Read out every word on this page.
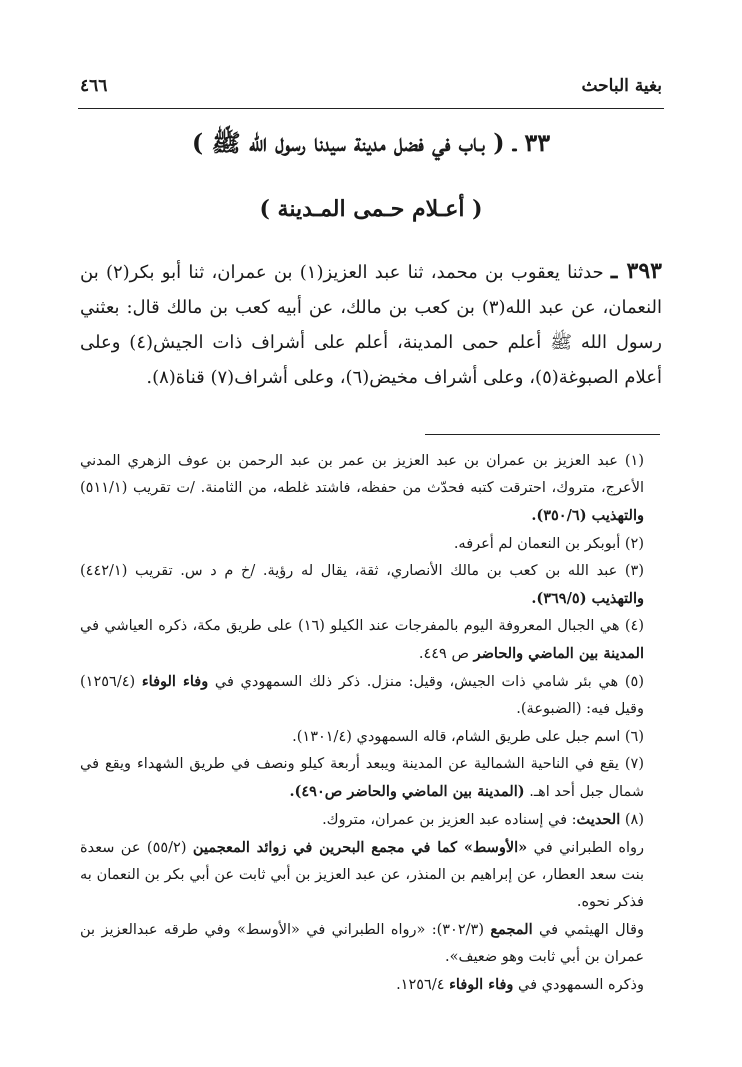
بغية الباحث
٤٦٦
٣٣ ـ ( بـاب في فضل مدينة سيدنا رسول الله ﷺ )
( أعـلام حـمى المـدينة )

٣٩٣ ـ حدثنا يعقوب بن محمد، ثنا عبد العزيز(١) بن عمران، ثنا أبو بكر(٢) بن النعمان، عن عبد الله(٣) بن كعب بن مالك، عن أبيه كعب بن مالك قال: بعثني رسول الله ﷺ أعلم حمى المدينة، أعلم على أشراف ذات الجيش(٤) وعلى أعلام الصبوغة(٥)، وعلى أشراف مخيض(٦)، وعلى أشراف(٧) قناة(٨).

(١) عبد العزيز بن عمران بن عبد العزيز بن عمر بن عبد الرحمن بن عوف الزهري المدني الأعرج، متروك، احترقت كتبه فحدّث من حفظه، فاشتد غلطه، من الثامنة. /ت تقريب (٥١١/١) والتهذيب (٣٥٠/٦).

(٢) أبوبكر بن النعمان لم أعرفه.

(٣) عبد الله بن كعب بن مالك الأنصاري، ثقة، يقال له رؤية. /خ م د س. تقريب (٤٤٢/١) والتهذيب (٣٦٩/٥).

(٤) هي الجبال المعروفة اليوم بالمفرجات عند الكيلو (١٦) على طريق مكة، ذكره العياشي في المدينة بين الماضي والحاضر ص ٤٤٩.

(٥) هي بئر شامي ذات الجيش، وقيل: منزل. ذكر ذلك السمهودي في وفاء الوفاء (١٢٥٦/٤) وقيل فيه: (الضبوعة).

(٦) اسم جبل على طريق الشام، قاله السمهودي (١٣٠١/٤).

(٧) يقع في الناحية الشمالية عن المدينة ويبعد أربعة كيلو ونصف في طريق الشهداء ويقع في شمال جبل أحد اهـ. (المدينة بين الماضي والحاضر ص٤٩٠).

(٨) الحديث: في إسناده عبد العزيز بن عمران، متروك.

رواه الطبراني في «الأوسط» كما في مجمع البحرين في زوائد المعجمين (٥٥/٢) عن سعدة بنت سعد العطار، عن إبراهيم بن المنذر، عن عبد العزيز بن أبي ثابت عن أبي بكر بن النعمان به فذكر نحوه.

وقال الهيثمي في المجمع (٣٠٢/٣): «رواه الطبراني في «الأوسط» وفي طرقه عبدالعزيز بن عمران بن أبي ثابت وهو ضعيف».

وذكره السمهودي في وفاء الوفاء ١٢٥٦/٤.
